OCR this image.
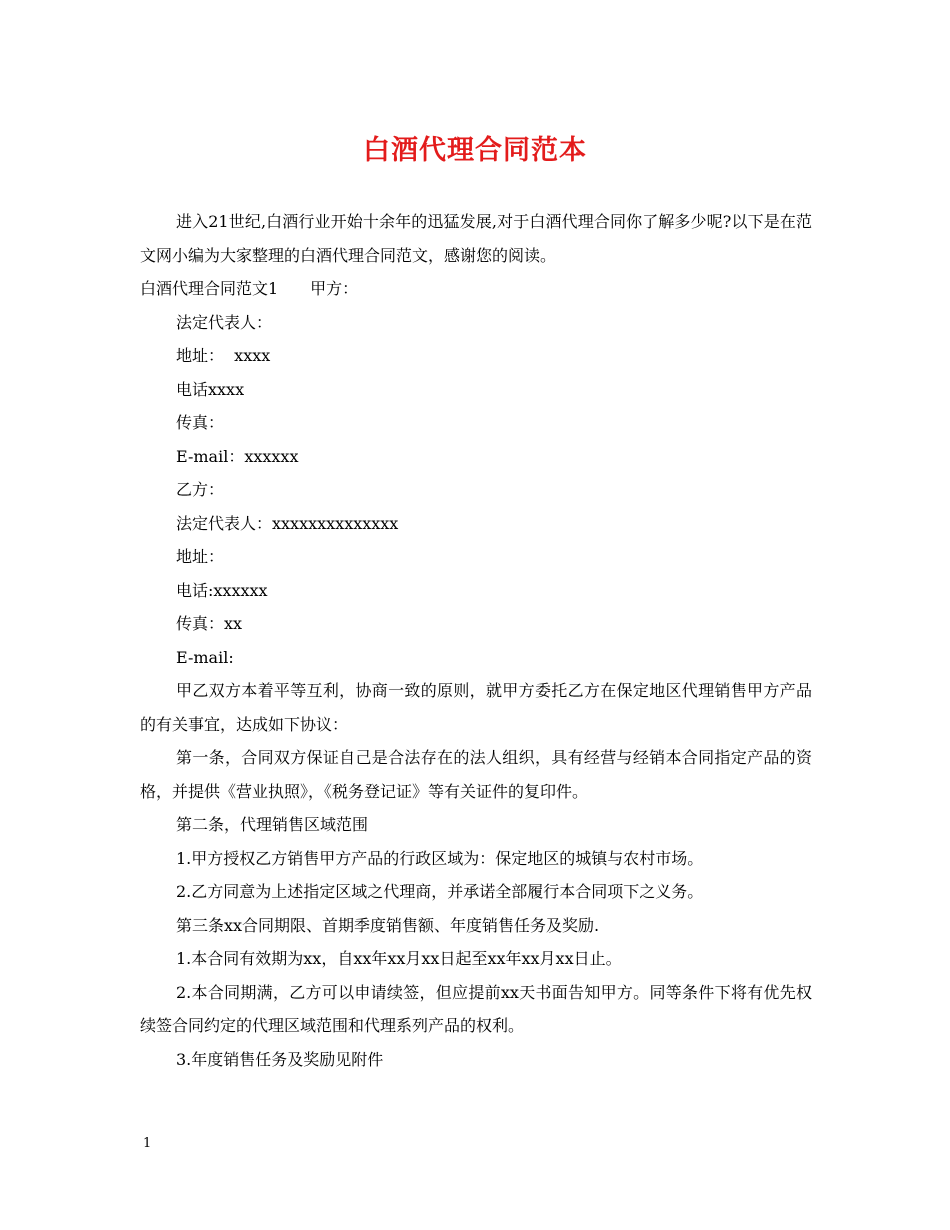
白酒代理合同范本

进入21世纪,白酒行业开始十余年的迅猛发展,对于白酒代理合同你了解多少呢?以下是在范文网小编为大家整理的白酒代理合同范文，感谢您的阅读。

白酒代理合同范文1　　甲方：

法定代表人：

地址：  xxxx

电话xxxx

传真：

E-mail：xxxxxx

乙方：

法定代表人：xxxxxxxxxxxxxx

地址：

电话:xxxxxx

传真：xx

E-mail:

甲乙双方本着平等互利，协商一致的原则，就甲方委托乙方在保定地区代理销售甲方产品的有关事宜，达成如下协议：

第一条，合同双方保证自己是合法存在的法人组织，具有经营与经销本合同指定产品的资格，并提供《营业执照》，《税务登记证》等有关证件的复印件。

第二条，代理销售区域范围

1.甲方授权乙方销售甲方产品的行政区域为：保定地区的城镇与农村市场。

2.乙方同意为上述指定区域之代理商，并承诺全部履行本合同项下之义务。

第三条xx合同期限、首期季度销售额、年度销售任务及奖励.

1.本合同有效期为xx，自xx年xx月xx日起至xx年xx月xx日止。

2.本合同期满，乙方可以申请续签，但应提前xx天书面告知甲方。同等条件下将有优先权续签合同约定的代理区域范围和代理系列产品的权利。

3.年度销售任务及奖励见附件

1
